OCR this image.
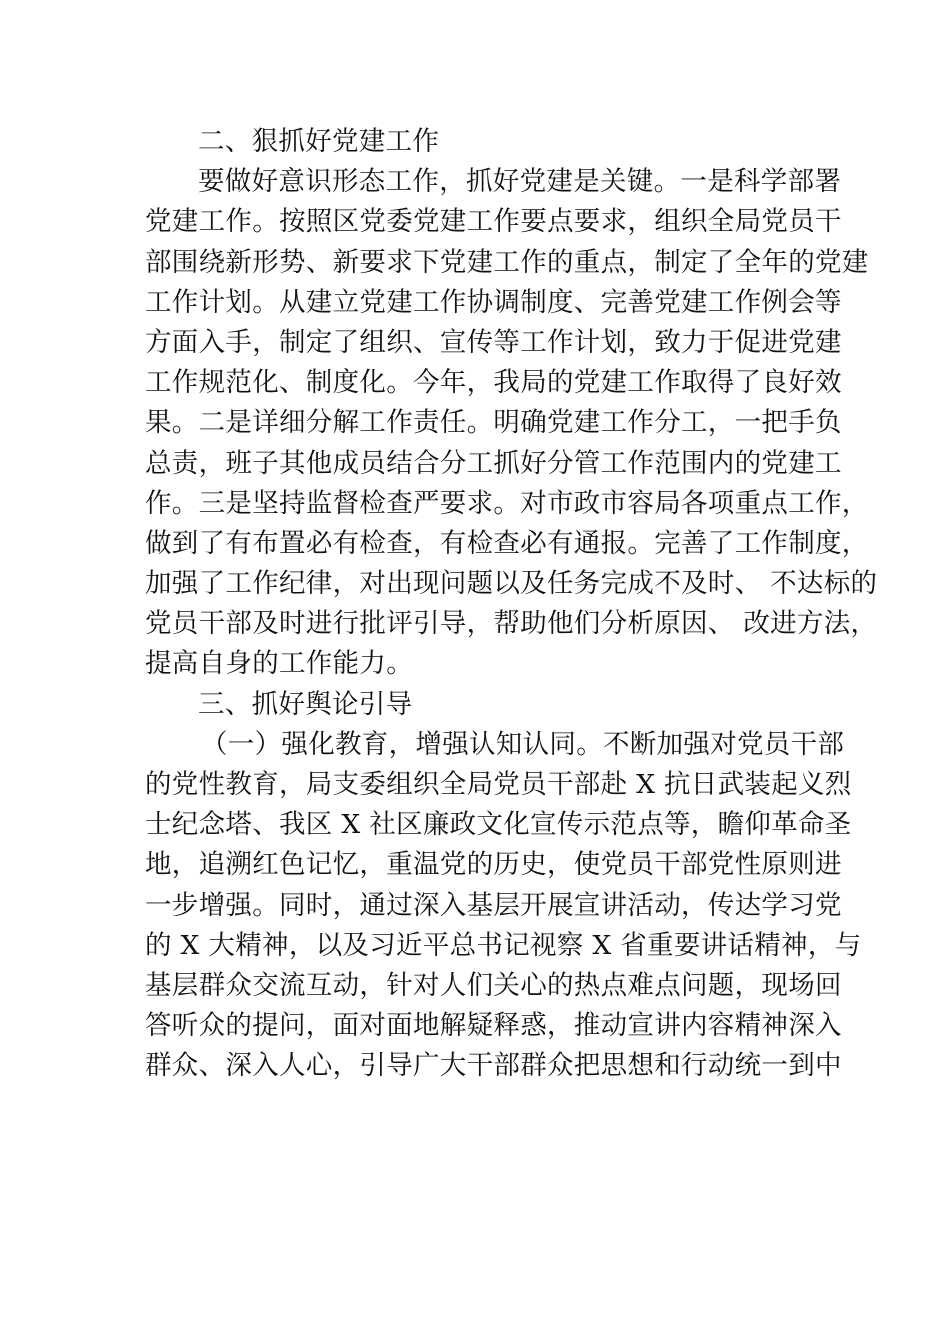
二、狠抓好党建工作
要做好意识形态工作，抓好党建是关键。一是科学部署
党建工作。按照区党委党建工作要点要求，组织全局党员干
部围绕新形势、新要求下党建工作的重点，制定了全年的党建
工作计划。从建立党建工作协调制度、完善党建工作例会等
方面入手，制定了组织、宣传等工作计划，致力于促进党建
工作规范化、制度化。今年，我局的党建工作取得了良好效
果。二是详细分解工作责任。明确党建工作分工，一把手负
总责，班子其他成员结合分工抓好分管工作范围内的党建工
作。三是坚持监督检查严要求。对市政市容局各项重点工作，
做到了有布置必有检查，有检查必有通报。完善了工作制度，
加强了工作纪律，对出现问题以及任务完成不及时、 不达标的
党员干部及时进行批评引导，帮助他们分析原因、 改进方法，
提高自身的工作能力。
三、抓好舆论引导
（一）强化教育，增强认知认同。不断加强对党员干部
的党性教育，局支委组织全局党员干部赴 X 抗日武装起义烈
士纪念塔、我区 X 社区廉政文化宣传示范点等，瞻仰革命圣
地，追溯红色记忆，重温党的历史，使党员干部党性原则进
一步增强。同时，通过深入基层开展宣讲活动，传达学习党
的 X 大精神，以及习近平总书记视察 X 省重要讲话精神，与
基层群众交流互动，针对人们关心的热点难点问题，现场回
答听众的提问，面对面地解疑释惑，推动宣讲内容精神深入
群众、深入人心，引导广大干部群众把思想和行动统一到中
